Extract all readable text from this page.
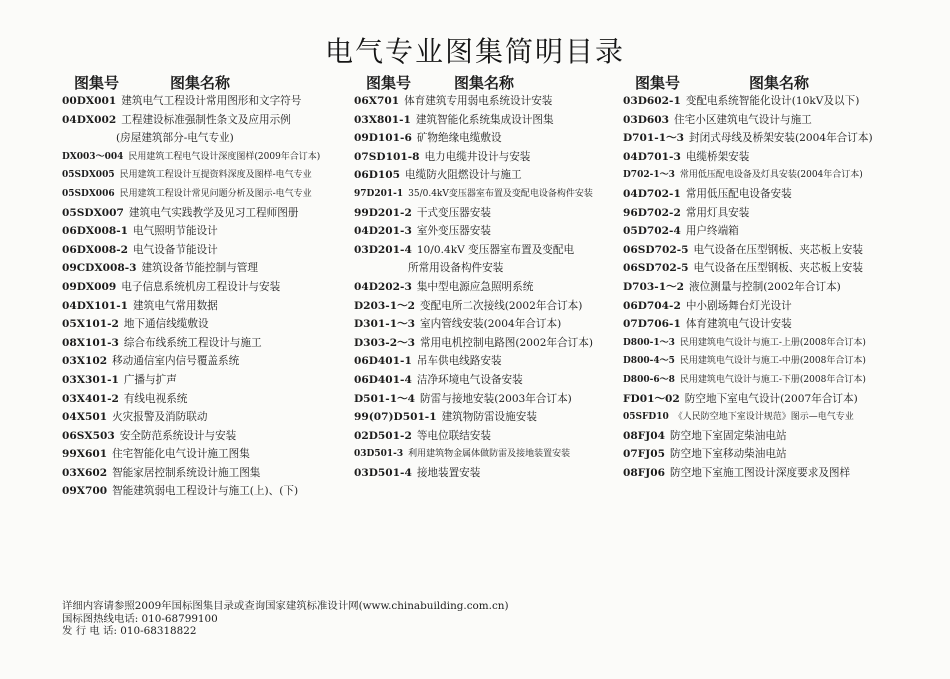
电气专业图集简明目录
图集号	图集名称
00DX001 建筑电气工程设计常用图形和文字符号
04DX002 工程建设标准强制性条文及应用示例
(房屋建筑部分-电气专业)
DX003～004 民用建筑工程电气设计深度图样(2009年合订本)
05SDX005 民用建筑工程设计互提资料深度及图样-电气专业
05SDX006 民用建筑工程设计常见问题分析及图示-电气专业
05SDX007 建筑电气实践教学及见习工程师图册
06DX008-1 电气照明节能设计
06DX008-2 电气设备节能设计
09CDX008-3 建筑设备节能控制与管理
09DX009 电子信息系统机房工程设计与安装
04DX101-1 建筑电气常用数据
05X101-2 地下通信线缆敷设
08X101-3 综合布线系统工程设计与施工
03X102 移动通信室内信号覆盖系统
03X301-1 广播与扩声
03X401-2 有线电视系统
04X501 火灾报警及消防联动
06SX503 安全防范系统设计与安装
99X601 住宅智能化电气设计施工图集
03X602 智能家居控制系统设计施工图集
09X700 智能建筑弱电工程设计与施工(上)、(下)
图集号	图集名称
06X701 体育建筑专用弱电系统设计安装
03X801-1 建筑智能化系统集成设计图集
09D101-6 矿物绝缘电缆敷设
07SD101-8 电力电缆井设计与安装
06D105 电缆防火阻燃设计与施工
97D201-1 35/0.4kV变压器室布置及变配电设备构件安装
99D201-2 干式变压器安装
04D201-3 室外变压器安装
03D201-4 10/0.4kV 变压器室布置及变配电
所常用设备构件安装
04D202-3 集中型电源应急照明系统
D203-1～2 变配电所二次接线(2002年合订本)
D301-1～3 室内管线安装(2004年合订本)
D303-2～3 常用电机控制电路图(2002年合订本)
06D401-1 吊车供电线路安装
06D401-4 洁净环境电气设备安装
D501-1～4 防雷与接地安装(2003年合订本)
99(07)D501-1 建筑物防雷设施安装
02D501-2 等电位联结安装
03D501-3 利用建筑物金属体做防雷及接地装置安装
03D501-4 接地装置安装
图集号	图集名称
03D602-1 变配电系统智能化设计(10kV及以下)
03D603 住宅小区建筑电气设计与施工
D701-1～3 封闭式母线及桥架安装(2004年合订本)
04D701-3 电缆桥架安装
D702-1～3 常用低压配电设备及灯具安装(2004年合订本)
04D702-1 常用低压配电设备安装
96D702-2 常用灯具安装
05D702-4 用户终端箱
06SD702-5 电气设备在压型钢板、夹芯板上安装
06SD702-5 电气设备在压型钢板、夹芯板上安装
D703-1～2 液位测量与控制(2002年合订本)
06D704-2 中小剧场舞台灯光设计
07D706-1 体育建筑电气设计安装
D800-1～3 民用建筑电气设计与施工-上册(2008年合订本)
D800-4～5 民用建筑电气设计与施工-中册(2008年合订本)
D800-6～8 民用建筑电气设计与施工-下册(2008年合订本)
FD01～02 防空地下室电气设计(2007年合订本)
05SFD10 《人民防空地下室设计规范》图示—电气专业
08FJ04 防空地下室固定柴油电站
07FJ05 防空地下室移动柴油电站
08FJ06 防空地下室施工图设计深度要求及图样
详细内容请参照2009年国标图集目录或查询国家建筑标准设计网(www.chinabuilding.com.cn)
国标图热线电话: 010-68799100
发 行 电 话: 010-68318822
